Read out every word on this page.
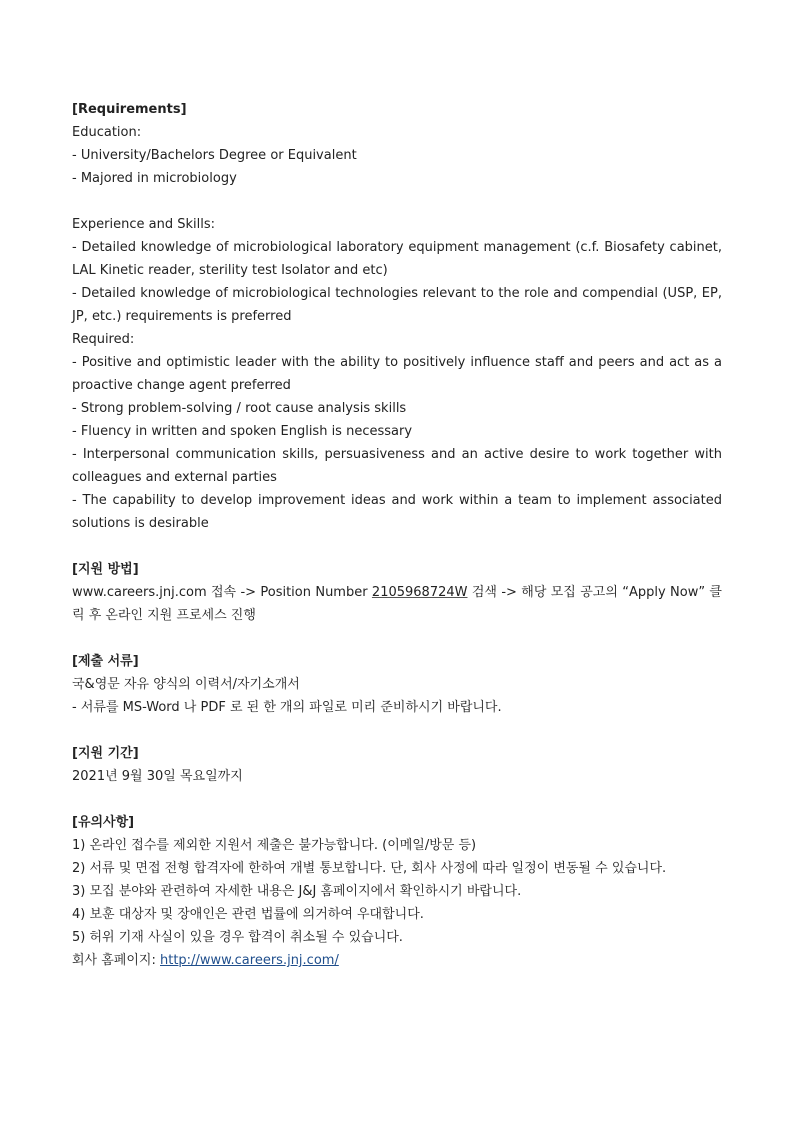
[Requirements]
Education:
- University/Bachelors Degree or Equivalent
- Majored in microbiology
Experience and Skills:
- Detailed knowledge of microbiological laboratory equipment management (c.f. Biosafety cabinet, LAL Kinetic reader, sterility test Isolator and etc)
- Detailed knowledge of microbiological technologies relevant to the role and compendial (USP, EP, JP, etc.) requirements is preferred
Required:
- Positive and optimistic leader with the ability to positively influence staff and peers and act as a proactive change agent preferred
- Strong problem-solving / root cause analysis skills
- Fluency in written and spoken English is necessary
- Interpersonal communication skills, persuasiveness and an active desire to work together with colleagues and external parties
- The capability to develop improvement ideas and work within a team to implement associated solutions is desirable
[지원 방법]
www.careers.jnj.com 접속 -> Position Number 2105968724W 검색 -> 해당 모집 공고의 “Apply Now” 클릭 후 온라인 지원 프로세스 진행
[제출 서류]
국&영문 자유 양식의 이력서/자기소개서
- 서류를 MS-Word 나 PDF 로 된 한 개의 파일로 미리 준비하시기 바랍니다.
[지원 기간]
2021년 9월 30일 목요일까지
[유의사항]
1) 온라인 접수를 제외한 지원서 제출은 불가능합니다. (이메일/방문 등)
2) 서류 및 면접 전형 합격자에 한하여 개별 통보합니다. 단, 회사 사정에 따라 일정이 변동될 수 있습니다.
3) 모집 분야와 관련하여 자세한 내용은 J&J 홈페이지에서 확인하시기 바랍니다.
4) 보훈 대상자 및 장애인은 관련 법률에 의거하여 우대합니다.
5) 허위 기재 사실이 있을 경우 합격이 취소될 수 있습니다.
회사 홈페이지: http://www.careers.jnj.com/
